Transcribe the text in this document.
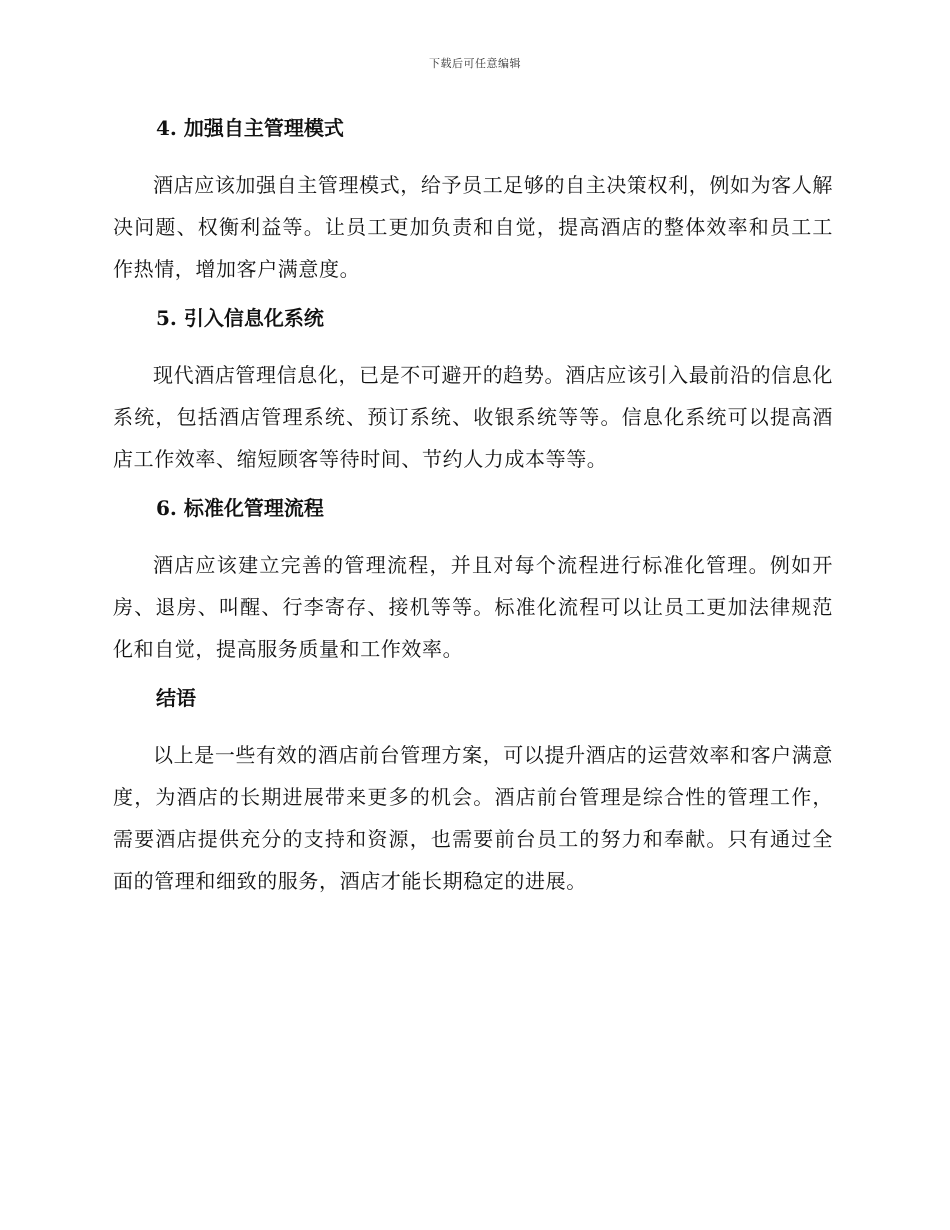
下载后可任意编辑
4. 加强自主管理模式

酒店应该加强自主管理模式，给予员工足够的自主决策权利，例如为客人解决问题、权衡利益等。让员工更加负责和自觉，提高酒店的整体效率和员工工作热情，增加客户满意度。

5. 引入信息化系统

现代酒店管理信息化，已是不可避开的趋势。酒店应该引入最前沿的信息化系统，包括酒店管理系统、预订系统、收银系统等等。信息化系统可以提高酒店工作效率、缩短顾客等待时间、节约人力成本等等。

6. 标准化管理流程

酒店应该建立完善的管理流程，并且对每个流程进行标准化管理。例如开房、退房、叫醒、行李寄存、接机等等。标准化流程可以让员工更加法律规范化和自觉，提高服务质量和工作效率。

结语

以上是一些有效的酒店前台管理方案，可以提升酒店的运营效率和客户满意度，为酒店的长期进展带来更多的机会。酒店前台管理是综合性的管理工作，需要酒店提供充分的支持和资源，也需要前台员工的努力和奉献。只有通过全面的管理和细致的服务，酒店才能长期稳定的进展。
